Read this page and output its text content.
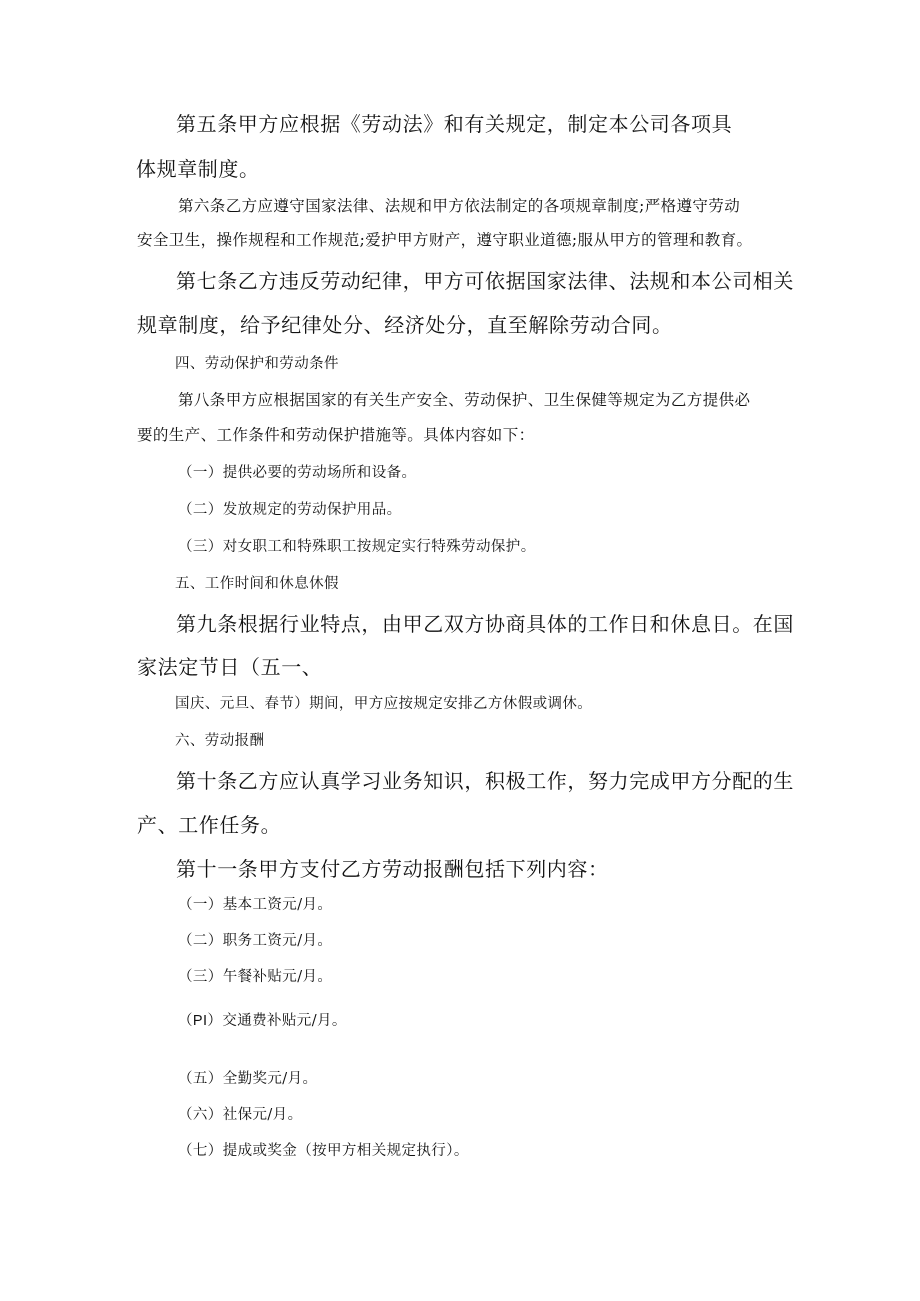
第五条甲方应根据《劳动法》和有关规定，制定本公司各项具

体规章制度。

第六条乙方应遵守国家法律、法规和甲方依法制定的各项规章制度;严格遵守劳动

安全卫生，操作规程和工作规范;爱护甲方财产，遵守职业道德;服从甲方的管理和教育。

第七条乙方违反劳动纪律，甲方可依据国家法律、法规和本公司相关

规章制度，给予纪律处分、经济处分，直至解除劳动合同。

四、劳动保护和劳动条件

第八条甲方应根据国家的有关生产安全、劳动保护、卫生保健等规定为乙方提供必

要的生产、工作条件和劳动保护措施等。具体内容如下：

（一）提供必要的劳动场所和设备。

（二）发放规定的劳动保护用品。

（三）对女职工和特殊职工按规定实行特殊劳动保护。

五、工作时间和休息休假

第九条根据行业特点，由甲乙双方协商具体的工作日和休息日。在国

家法定节日（五一、

国庆、元旦、春节）期间，甲方应按规定安排乙方休假或调休。

六、劳动报酬

第十条乙方应认真学习业务知识，积极工作，努力完成甲方分配的生

产、工作任务。

第十一条甲方支付乙方劳动报酬包括下列内容：

（一）基本工资元/月。

（二）职务工资元/月。

（三）午餐补贴元/月。

（PI）交通费补贴元/月。

（五）全勤奖元/月。

（六）社保元/月。

（七）提成或奖金（按甲方相关规定执行）。
